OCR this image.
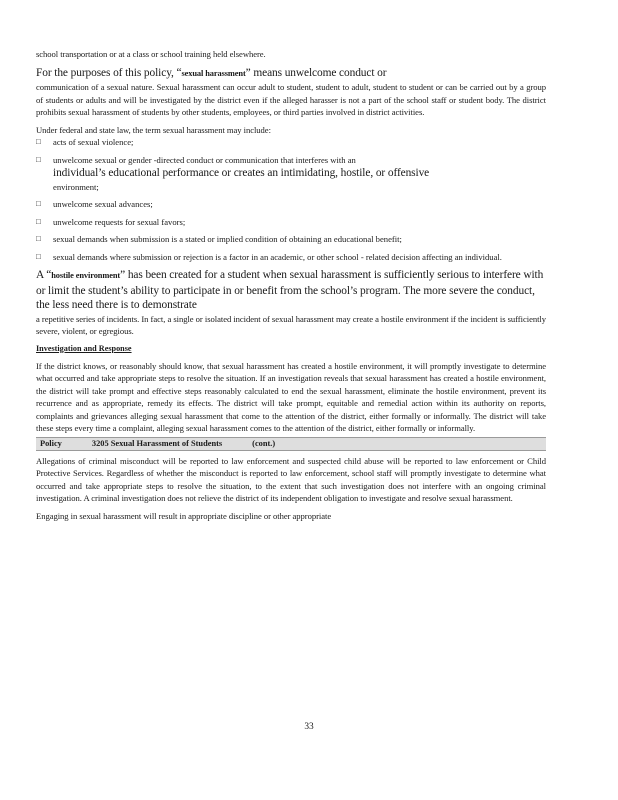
school transportation or at a class or school training held elsewhere.

For the purposes of this policy, “sexual harassment” means unwelcome conduct or

communication of a sexual nature. Sexual harassment can occur adult to student, student to adult, student to student or can be carried out by a group of students or adults and will be investigated by the district even if the alleged harasser is not a part of the school staff or student body. The district prohibits sexual harassment of students by other students, employees, or third parties involved in district activities.

Under federal and state law, the term sexual harassment may include:

□	acts of sexual violence;
□	unwelcome sexual or gender -directed conduct or communication that interferes with an
individual’s educational performance or creates an intimidating, hostile, or offensive
environment;
□	unwelcome sexual advances;
□	unwelcome requests for sexual favors;
□	sexual demands when submission is a stated or implied condition of obtaining an educational benefit;
□	sexual demands where submission or rejection is a factor in an academic, or other school - related decision affecting an individual.

A “hostile environment” has been created for a student when sexual harassment is sufficiently serious to interfere with or limit the student’s ability to participate in or benefit from the school’s program. The more severe the conduct, the less need there is to demonstrate

a repetitive series of incidents. In fact, a single or isolated incident of sexual harassment may create a hostile environment if the incident is sufficiently severe, violent, or egregious.

Investigation and Response

If the district knows, or reasonably should know, that sexual harassment has created a hostile environment, it will promptly investigate to determine what occurred and take appropriate steps to resolve the situation. If an investigation reveals that sexual harassment has created a hostile environment, the district will take prompt and effective steps reasonably calculated to end the sexual harassment, eliminate the hostile environment, prevent its recurrence and as appropriate, remedy its effects. The district will take prompt, equitable and remedial action within its authority on reports, complaints and grievances alleging sexual harassment that come to the attention of the district, either formally or informally. The district will take these steps every time a complaint, alleging sexual harassment comes to the attention of the district, either formally or informally.

Policy	3205 Sexual Harassment of Students	(cont.)

Allegations of criminal misconduct will be reported to law enforcement and suspected child abuse will be reported to law enforcement or Child Protective Services. Regardless of whether the misconduct is reported to law enforcement, school staff will promptly investigate to determine what occurred and take appropriate steps to resolve the situation, to the extent that such investigation does not interfere with an ongoing criminal investigation. A criminal investigation does not relieve the district of its independent obligation to investigate and resolve sexual harassment.

Engaging in sexual harassment will result in appropriate discipline or other appropriate

33
